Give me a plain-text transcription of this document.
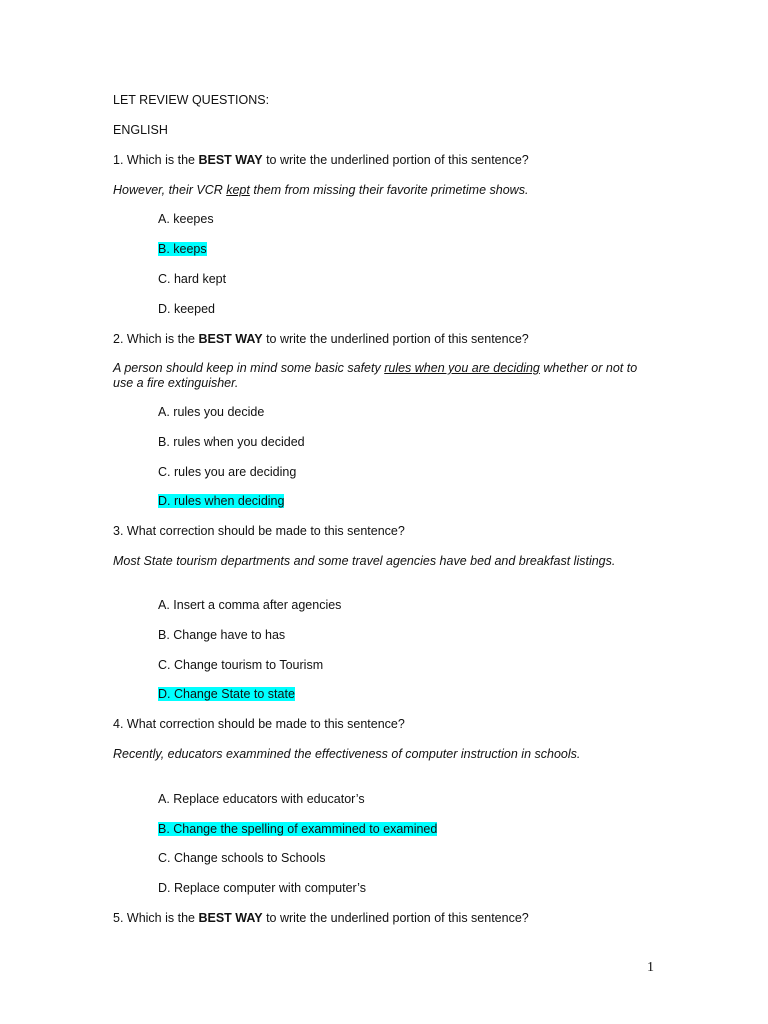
LET REVIEW QUESTIONS:
ENGLISH
1. Which is the BEST WAY to write the underlined portion of this sentence?
However, their VCR kept them from missing their favorite primetime shows.
A. keepes
B. keeps
C. hard kept
D. keeped
2. Which is the BEST WAY to write the underlined portion of this sentence?
A person should keep in mind some basic safety rules when you are deciding whether or not to use a fire extinguisher.
A. rules you decide
B. rules when you decided
C. rules you are deciding
D. rules when deciding
3. What correction should be made to this sentence?
Most State tourism departments and some travel agencies have bed and breakfast listings.
A. Insert a comma after agencies
B. Change have to has
C. Change tourism to Tourism
D. Change State to state
4. What correction should be made to this sentence?
Recently, educators exammined the effectiveness of computer instruction in schools.
A. Replace educators with educator’s
B. Change the spelling of exammined to examined
C. Change schools to Schools
D. Replace computer with computer’s
5. Which is the BEST WAY to write the underlined portion of this sentence?
1
